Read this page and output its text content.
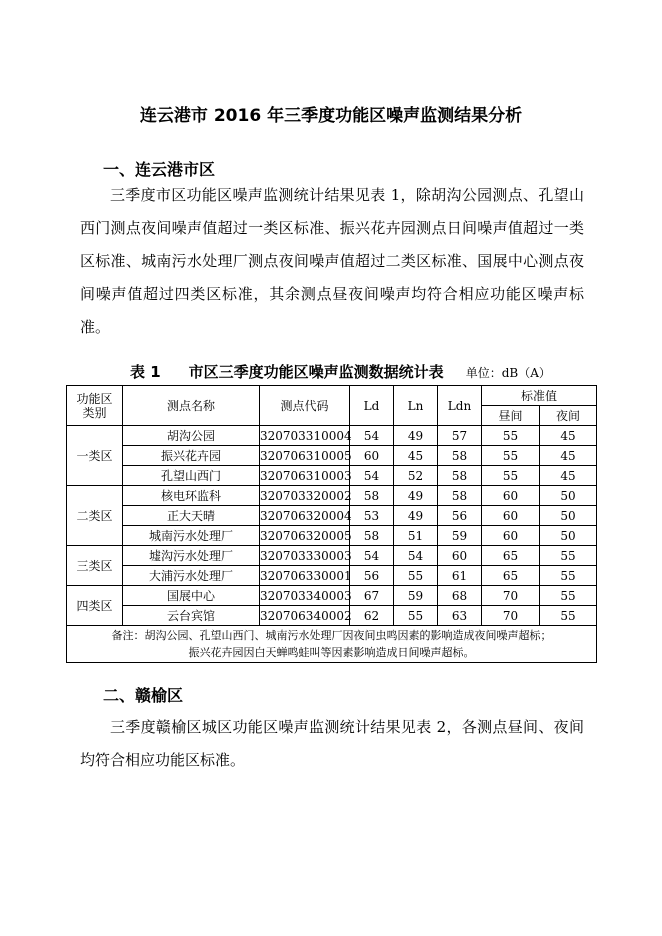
连云港市 2016 年三季度功能区噪声监测结果分析
一、连云港市区

三季度市区功能区噪声监测统计结果见表 1，除胡沟公园测点、孔望山西门测点夜间噪声值超过一类区标准、振兴花卉园测点日间噪声值超过一类区标准、城南污水处理厂测点夜间噪声值超过二类区标准、国展中心测点夜间噪声值超过四类区标准，其余测点昼夜间噪声均符合相应功能区噪声标准。

表 1 市区三季度功能区噪声监测数据统计表 单位：dB（A）
功能区
类别	测点名称	测点代码	Ld	Ln	Ldn	标准值	
						昼间	夜间
一类区	胡沟公园	320703310004	54	49	57	55	45
	振兴花卉园	320706310005	60	45	58	55	45
	孔望山西门	320706310003	54	52	58	55	45
二类区	核电环监科	320703320002	58	49	58	60	50
	正大天晴	320706320004	53	49	56	60	50
	城南污水处理厂	320706320005	58	51	59	60	50
三类区	墟沟污水处理厂	320703330003	54	54	60	65	55
	大浦污水处理厂	320706330001	56	55	61	65	55
四类区	国展中心	320703340003	67	59	68	70	55
	云台宾馆	320706340002	62	55	63	70	55

备注：胡沟公园、孔望山西门、城南污水处理厂因夜间虫鸣因素的影响造成夜间噪声超标；
振兴花卉园因白天蝉鸣蛙叫等因素影响造成日间噪声超标。							
二、赣榆区

三季度赣榆区城区功能区噪声监测统计结果见表 2，各测点昼间、夜间均符合相应功能区标准。
